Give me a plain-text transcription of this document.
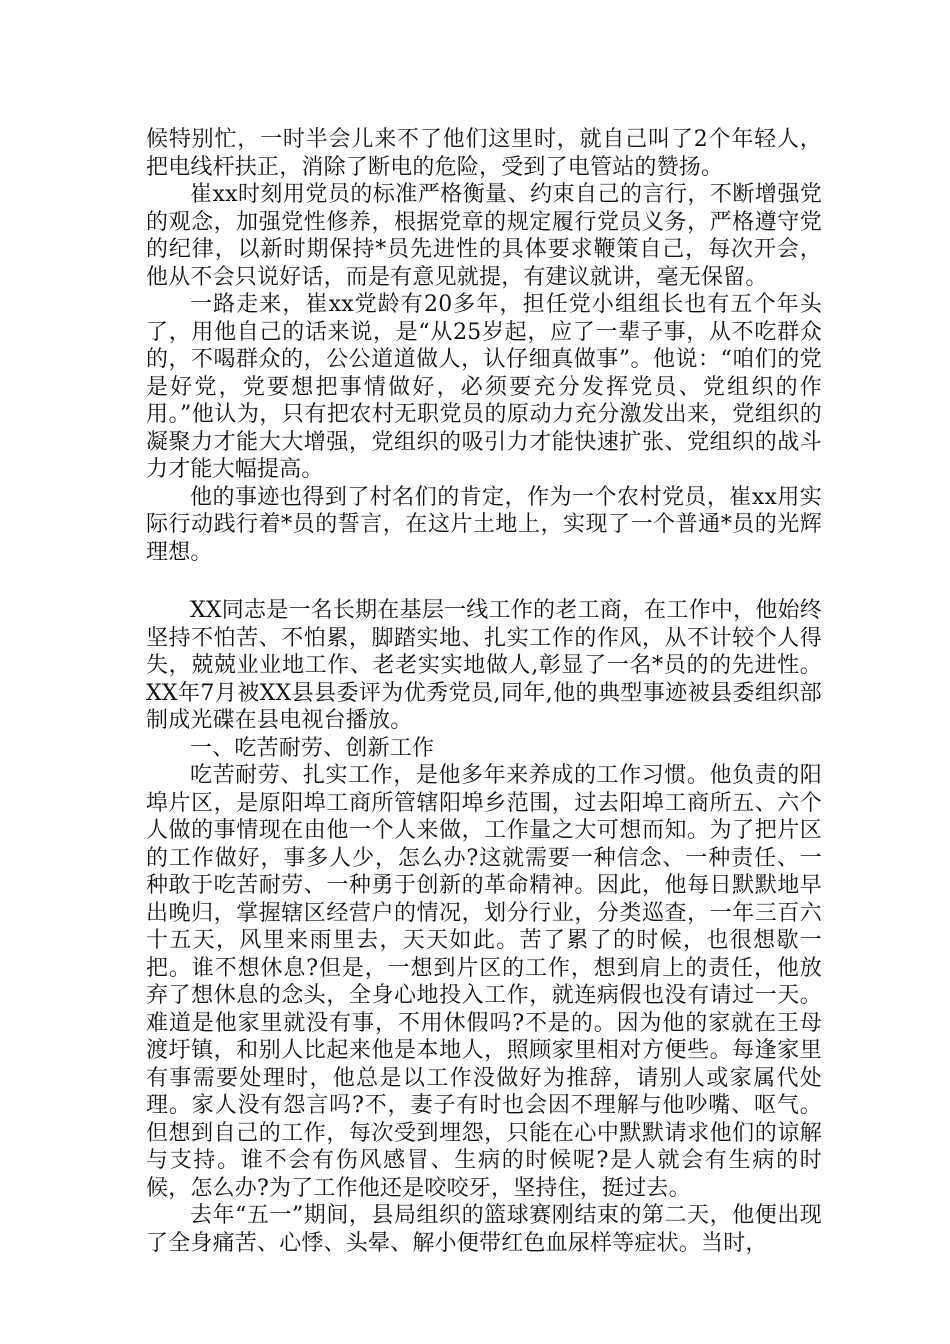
候特别忙，一时半会儿来不了他们这里时，就自己叫了2个年轻人，把电线杆扶正，消除了断电的危险，受到了电管站的赞扬。

崔xx时刻用党员的标准严格衡量、约束自己的言行，不断增强党的观念，加强党性修养，根据党章的规定履行党员义务，严格遵守党的纪律，以新时期保持*员先进性的具体要求鞭策自己，每次开会，他从不会只说好话，而是有意见就提，有建议就讲，毫无保留。

一路走来，崔xx党龄有20多年，担任党小组组长也有五个年头了，用他自己的话来说，是“从25岁起，应了一辈子事，从不吃群众的，不喝群众的，公公道道做人，认仔细真做事”。他说：“咱们的党是好党，党要想把事情做好，必须要充分发挥党员、党组织的作用。”他认为，只有把农村无职党员的原动力充分激发出来，党组织的凝聚力才能大大增强，党组织的吸引力才能快速扩张、党组织的战斗力才能大幅提高。

他的事迹也得到了村名们的肯定，作为一个农村党员，崔xx用实际行动践行着*员的誓言，在这片土地上，实现了一个普通*员的光辉理想。

XX同志是一名长期在基层一线工作的老工商，在工作中，他始终坚持不怕苦、不怕累，脚踏实地、扎实工作的作风，从不计较个人得失，兢兢业业地工作、老老实实地做人,彰显了一名*员的的先进性。XX年7月被XX县县委评为优秀党员,同年,他的典型事迹被县委组织部制成光碟在县电视台播放。

一、吃苦耐劳、创新工作

吃苦耐劳、扎实工作，是他多年来养成的工作习惯。他负责的阳埠片区，是原阳埠工商所管辖阳埠乡范围，过去阳埠工商所五、六个人做的事情现在由他一个人来做，工作量之大可想而知。为了把片区的工作做好，事多人少，怎么办?这就需要一种信念、一种责任、一种敢于吃苦耐劳、一种勇于创新的革命精神。因此，他每日默默地早出晚归，掌握辖区经营户的情况，划分行业，分类巡查，一年三百六十五天，风里来雨里去，天天如此。苦了累了的时候，也很想歇一把。谁不想休息?但是，一想到片区的工作，想到肩上的责任，他放弃了想休息的念头，全身心地投入工作，就连病假也没有请过一天。难道是他家里就没有事，不用休假吗?不是的。因为他的家就在王母渡圩镇，和别人比起来他是本地人，照顾家里相对方便些。每逢家里有事需要处理时，他总是以工作没做好为推辞，请别人或家属代处理。家人没有怨言吗?不，妻子有时也会因不理解与他吵嘴、呕气。但想到自己的工作，每次受到埋怨，只能在心中默默请求他们的谅解与支持。谁不会有伤风感冒、生病的时候呢?是人就会有生病的时候，怎么办?为了工作他还是咬咬牙，坚持住，挺过去。

去年“五一”期间，县局组织的篮球赛刚结束的第二天，他便出现了全身痛苦、心悸、头晕、解小便带红色血尿样等症状。当时，
